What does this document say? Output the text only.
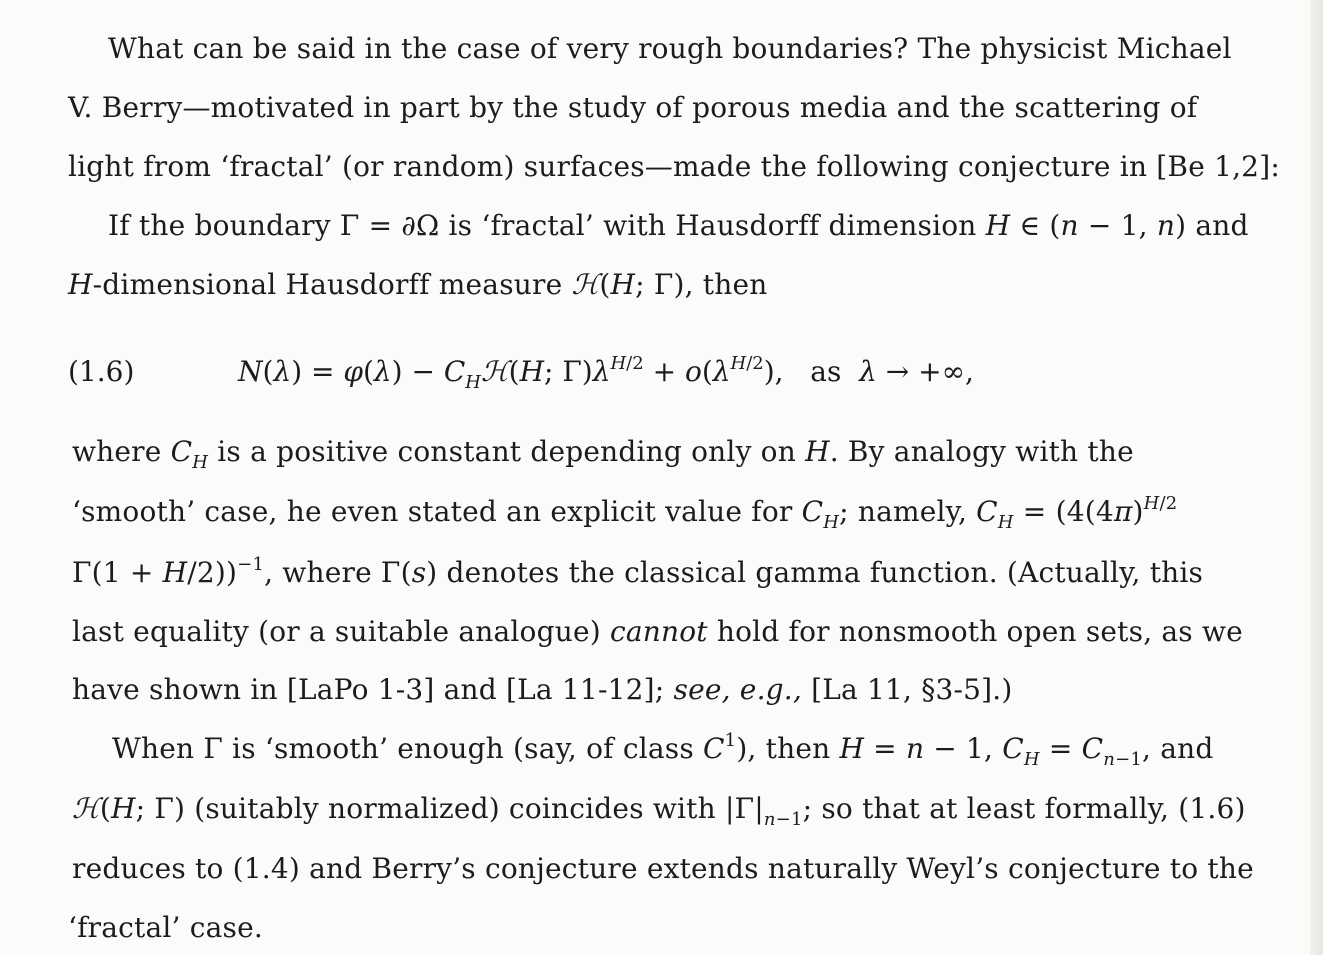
What can be said in the case of very rough boundaries? The physicist Michael
V. Berry—motivated in part by the study of porous media and the scattering of
light from ‘fractal’ (or random) surfaces—made the following conjecture in [Be 1,2]:
If the boundary Γ = ∂Ω is ‘fractal’ with Hausdorff dimension H ∈ (n − 1, n) and
H-dimensional Hausdorff measure ℋ(H; Γ), then
(1.6)	$N(\lambda) = \varphi(\lambda) - C_Hℋ(H$; $\Gamma)\lambda^{H/2} + o(\lambda^{H/2})$,   as  λ → +∞,
where $C_H$ is a positive constant depending only on H. By analogy with the
‘smooth’ case, he even stated an explicit value for $C_H$; namely, $C_H = (4(4\pi)^{H/2}$
Γ(1 + H/2))$^{-1}$, where Γ(s) denotes the classical gamma function. (Actually, this
last equality (or a suitable analogue) cannot hold for nonsmooth open sets, as we
have shown in [LaPo 1-3] and [La 11-12]; see, e.g., [La 11, §3-5].)
When Γ is ‘smooth’ enough (say, of class $C^1$), then H = n − 1, $C_H = C_{n-1}$, and
ℋ(H; Γ) (suitably normalized) coincides with $|\Gamma|_{n-1}$; so that at least formally, (1.6)
reduces to (1.4) and Berry’s conjecture extends naturally Weyl’s conjecture to the
‘fractal’ case.
